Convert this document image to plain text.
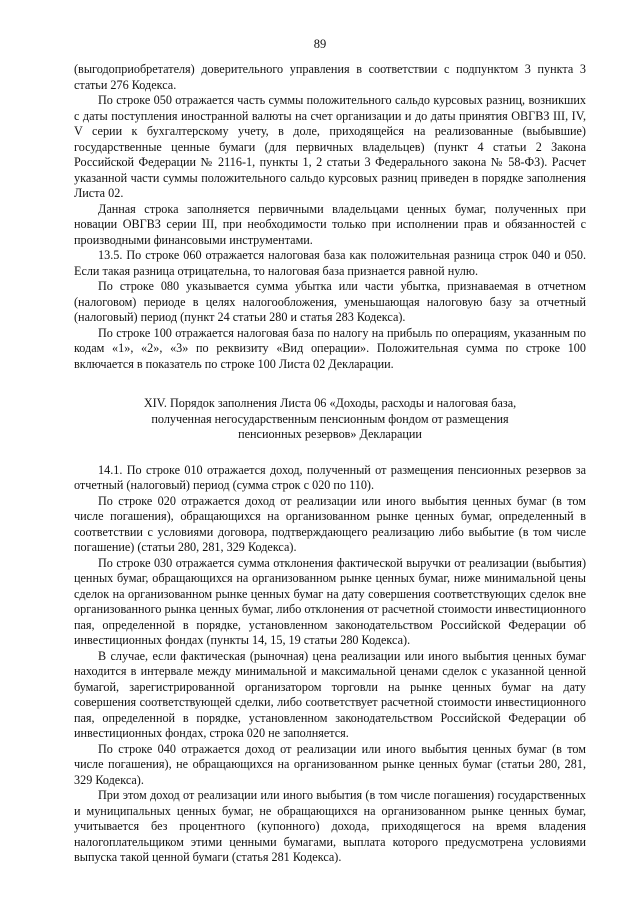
89

(выгодоприобретателя) доверительного управления в соответствии с подпунктом 3 пункта 3 статьи 276 Кодекса.

По строке 050 отражается часть суммы положительного сальдо курсовых разниц, возникших с даты поступления иностранной валюты на счет организации и до даты принятия ОВГВЗ III, IV, V серии к бухгалтерскому учету, в доле, приходящейся на реализованные (выбывшие) государственные ценные бумаги (для первичных владельцев) (пункт 4 статьи 2 Закона Российской Федерации № 2116-1, пункты 1, 2 статьи 3 Федерального закона № 58-ФЗ). Расчет указанной части суммы положительного сальдо курсовых разниц приведен в порядке заполнения Листа 02.

Данная строка заполняется первичными владельцами ценных бумаг, полученных при новации ОВГВЗ серии III, при необходимости только при исполнении прав и обязанностей с производными финансовыми инструментами.

13.5. По строке 060 отражается налоговая база как положительная разница строк 040 и 050. Если такая разница отрицательна, то налоговая база признается равной нулю.

По строке 080 указывается сумма убытка или части убытка, признаваемая в отчетном (налоговом) периоде в целях налогообложения, уменьшающая налоговую базу за отчетный (налоговый) период (пункт 24 статьи 280 и статья 283 Кодекса).

По строке 100 отражается налоговая база по налогу на прибыль по операциям, указанным по кодам «1», «2», «3» по реквизиту «Вид операции». Положительная сумма по строке 100 включается в показатель по строке 100 Листа 02 Декларации.

XIV. Порядок заполнения Листа 06 «Доходы, расходы и налоговая база,
полученная негосударственным пенсионным фондом от размещения
пенсионных резервов» Декларации

14.1. По строке 010 отражается доход, полученный от размещения пенсионных резервов за отчетный (налоговый) период (сумма строк с 020 по 110).

По строке 020 отражается доход от реализации или иного выбытия ценных бумаг (в том числе погашения), обращающихся на организованном рынке ценных бумаг, определенный в соответствии с условиями договора, подтверждающего реализацию либо выбытие (в том числе погашение) (статьи 280, 281, 329 Кодекса).

По строке 030 отражается сумма отклонения фактической выручки от реализации (выбытия) ценных бумаг, обращающихся на организованном рынке ценных бумаг, ниже минимальной цены сделок на организованном рынке ценных бумаг на дату совершения соответствующих сделок вне организованного рынка ценных бумаг, либо отклонения от расчетной стоимости инвестиционного пая, определенной в порядке, установленном законодательством Российской Федерации об инвестиционных фондах (пункты 14, 15, 19 статьи 280 Кодекса).

В случае, если фактическая (рыночная) цена реализации или иного выбытия ценных бумаг находится в интервале между минимальной и максимальной ценами сделок с указанной ценной бумагой, зарегистрированной организатором торговли на рынке ценных бумаг на дату совершения соответствующей сделки, либо соответствует расчетной стоимости инвестиционного пая, определенной в порядке, установленном законодательством Российской Федерации об инвестиционных фондах, строка 020 не заполняется.

По строке 040 отражается доход от реализации или иного выбытия ценных бумаг (в том числе погашения), не обращающихся на организованном рынке ценных бумаг (статьи 280, 281, 329 Кодекса).

При этом доход от реализации или иного выбытия (в том числе погашения) государственных и муниципальных ценных бумаг, не обращающихся на организованном рынке ценных бумаг, учитывается без процентного (купонного) дохода, приходящегося на время владения налогоплательщиком этими ценными бумагами, выплата которого предусмотрена условиями выпуска такой ценной бумаги (статья 281 Кодекса).
